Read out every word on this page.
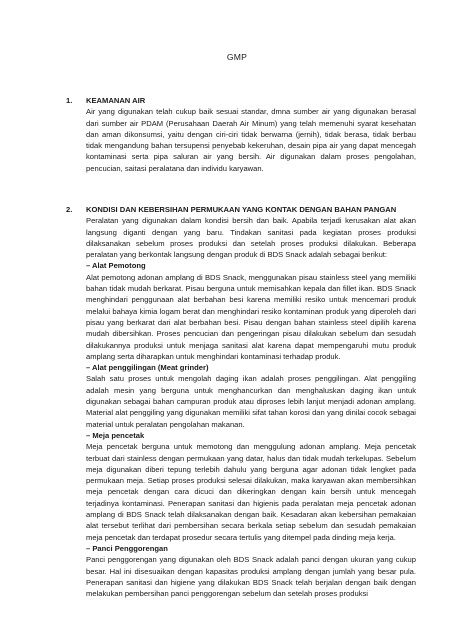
GMP
1. KEAMANAN AIR
Air yang digunakan telah cukup baik sesuai standar, dmna sumber air yang digunakan berasal dari sumber air PDAM (Perusahaan Daerah Air Minum) yang telah memenuhi syarat kesehatan dan aman dikonsumsi, yaitu dengan ciri-ciri tidak berwarna (jernih), tidak berasa, tidak berbau tidak mengandung bahan tersupensi penyebab kekeruhan, desain pipa air yang dapat mencegah kontaminasi serta pipa saluran air yang bersih. Air digunakan dalam proses pengolahan, pencucian, saitasi peralatana dan individu karyawan.
2. KONDISI DAN KEBERSIHAN PERMUKAAN YANG KONTAK DENGAN BAHAN PANGAN
Peralatan yang digunakan dalam kondisi bersih dan baik. Apabila terjadi kerusakan alat akan langsung diganti dengan yang baru. Tindakan sanitasi pada kegiatan proses produksi dilaksanakan sebelum proses produksi dan setelah proses produksi dilakukan. Beberapa peralatan yang berkontak langsung dengan produk di BDS Snack adalah sebagai berikut:
– Alat Pemotong
Alat pemotong adonan amplang di BDS Snack, menggunakan pisau stainless steel yang memiliki bahan tidak mudah berkarat. Pisau berguna untuk memisahkan kepala dan fillet ikan. BDS Snack menghindari penggunaan alat berbahan besi karena memiliki resiko untuk mencemari produk melalui bahaya kimia logam berat dan menghindari resiko kontaminan produk yang diperoleh dari pisau yang berkarat dari alat berbahan besi. Pisau dengan bahan stainless steel dipilih karena mudah dibersihkan. Proses pencucian dan pengeringan pisau dilakukan sebelum dan sesudah dilakukannya produksi untuk menjaga sanitasi alat karena dapat mempengaruhi mutu produk amplang serta diharapkan untuk menghindari kontaminasi terhadap produk.
– Alat penggilingan (Meat grinder)
Salah satu proses untuk mengolah daging ikan adalah proses penggilingan. Alat penggiling adalah mesin yang berguna untuk menghancurkan dan menghaluskan daging ikan untuk digunakan sebagai bahan campuran produk atau diproses lebih lanjut menjadi adonan amplang. Material alat penggiling yang digunakan memiliki sifat tahan korosi dan yang dinilai cocok sebagai material untuk peralatan pengolahan makanan.
– Meja pencetak
Meja pencetak berguna untuk memotong dan menggulung adonan amplang. Meja pencetak terbuat dari stainless dengan permukaan yang datar, halus dan tidak mudah terkelupas. Sebelum meja digunakan diberi tepung terlebih dahulu yang berguna agar adonan tidak lengket pada permukaan meja. Setiap proses produksi selesai dilakukan, maka karyawan akan membersihkan meja pencetak dengan cara dicuci dan dikeringkan dengan kain bersih untuk mencegah terjadinya kontaminasi. Penerapan sanitasi dan higienis pada peralatan meja pencetak adonan amplang di BDS Snack telah dilaksanakan dengan baik. Kesadaran akan kebersihan pemakaian alat tersebut terlihat dari pembersihan secara berkala setiap sebelum dan sesudah pemakaian meja pencetak dan terdapat prosedur secara tertulis yang ditempel pada dinding meja kerja.
– Panci Penggorengan
Panci penggorengan yang digunakan oleh BDS Snack adalah panci dengan ukuran yang cukup besar. Hal ini disesuaikan dengan kapasitas produksi amplang dengan jumlah yang besar pula. Penerapan sanitasi dan higiene yang dilakukan BDS Snack telah berjalan dengan baik dengan melakukan pembersihan panci penggorengan sebelum dan setelah proses produksi
